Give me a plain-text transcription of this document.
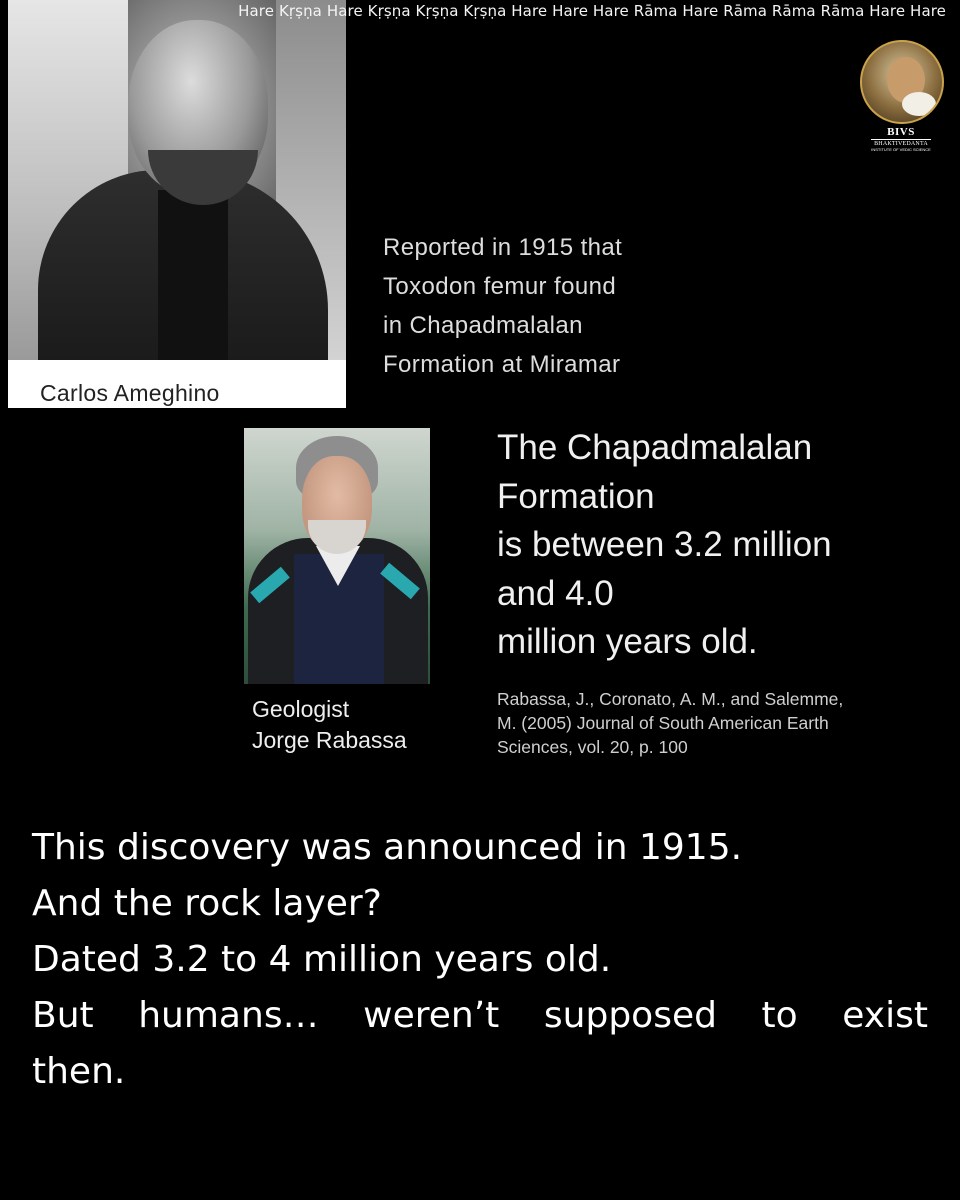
Carlos Ameghino
Reported in 1915 that
Toxodon femur found
in Chapadmalalan
Formation at Miramar
Hare Kṛṣṇa Hare Kṛṣṇa Kṛṣṇa Kṛṣṇa Hare Hare Hare Rāma Hare Rāma Rāma Rāma Hare Hare
BIVS
BHAKTIVEDANTA
INSTITUTE OF VEDIC SCIENCE
Geologist
Jorge Rabassa
The Chapadmalalan
Formation
is between 3.2 million
and 4.0
million years old.
Rabassa, J., Coronato, A. M., and Salemme,
M. (2005) Journal of South American Earth
Sciences, vol. 20, p. 100
This discovery was announced in 1915.
And the rock layer?
Dated 3.2 to 4 million years old.
But humans… weren’t supposed to exist
then.
